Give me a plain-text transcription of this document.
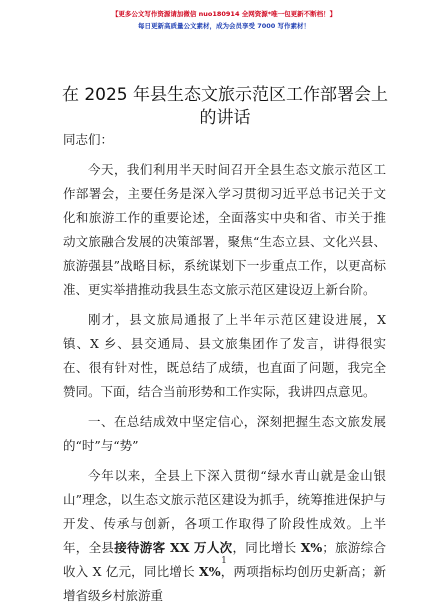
【更多公文写作资源请加微信 nuo180914 全网资源*唯一包更新不断档！】
每日更新高质量公文素材，成为会员享受 7000 写作素材！
在 2025 年县生态文旅示范区工作部署会上的讲话

同志们：

今天，我们利用半天时间召开全县生态文旅示范区工作部署会，主要任务是深入学习贯彻习近平总书记关于文化和旅游工作的重要论述，全面落实中央和省、市关于推动文旅融合发展的决策部署，聚焦“生态立县、文化兴县、旅游强县”战略目标，系统谋划下一步重点工作，以更高标准、更实举措推动我县生态文旅示范区建设迈上新台阶。

刚才，县文旅局通报了上半年示范区建设进展，X 镇、X 乡、县交通局、县文旅集团作了发言，讲得很实在、很有针对性，既总结了成绩，也直面了问题，我完全赞同。下面，结合当前形势和工作实际，我讲四点意见。

一、在总结成效中坚定信心，深刻把握生态文旅发展的“时”与“势”

今年以来，全县上下深入贯彻“绿水青山就是金山银山”理念，以生态文旅示范区建设为抓手，统筹推进保护与开发、传承与创新，各项工作取得了阶段性成效。上半年，全县接待游客 XX 万人次，同比增长 X%；旅游综合收入 X 亿元，同比增长 X%，两项指标均创历史新高；新增省级乡村旅游重

1
